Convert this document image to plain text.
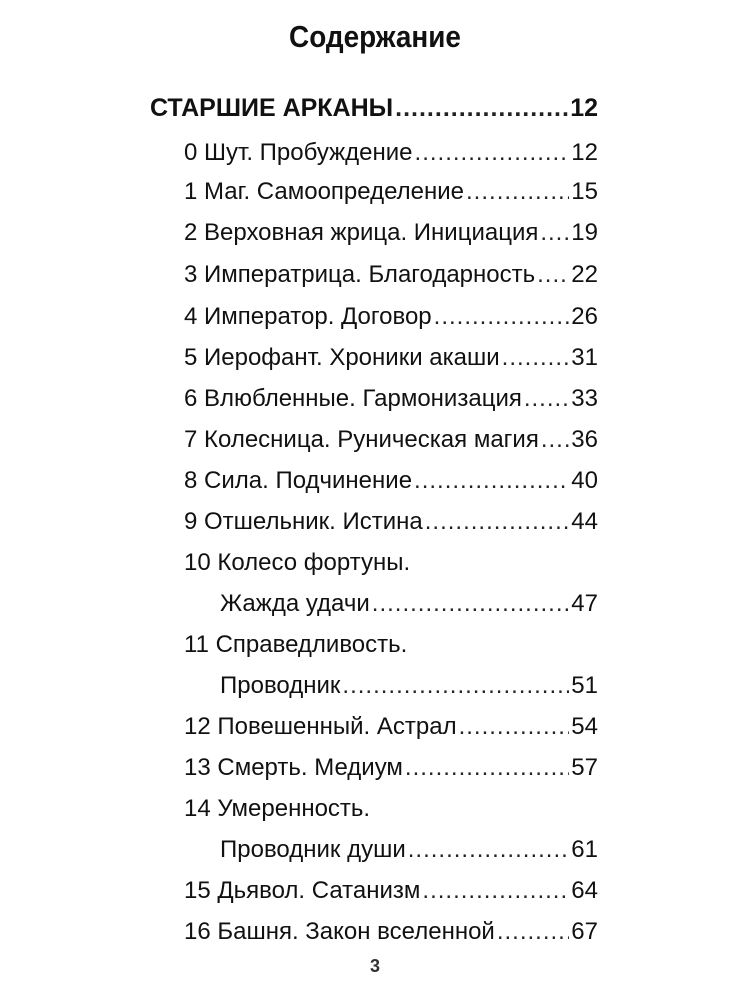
Содержание
СТАРШИЕ АРКАНЫ .....	12
0 Шут. Пробуждение .....	12
1 Маг. Самоопределение .....	15
2 Верховная жрица. Инициация ..... 19
3 Императрица. Благодарность ..... 22
4 Император. Договор .....	26
5 Иерофант. Хроники акаши .....	31
6 Влюбленные. Гармонизация ..... 33
7 Колесница. Руническая магия ..... 36
8 Сила. Подчинение .....	40
9 Отшельник. Истина .....	44
10 Колесо фортуны.
Жажда удачи .....	47
11 Справедливость.
Проводник .....	51
12 Повешенный. Астрал .....	54
13 Смерть. Медиум .....	57
14 Умеренность.
Проводник души .....	61
15 Дьявол. Сатанизм .....	64
16 Башня. Закон вселенной .....	67
3
